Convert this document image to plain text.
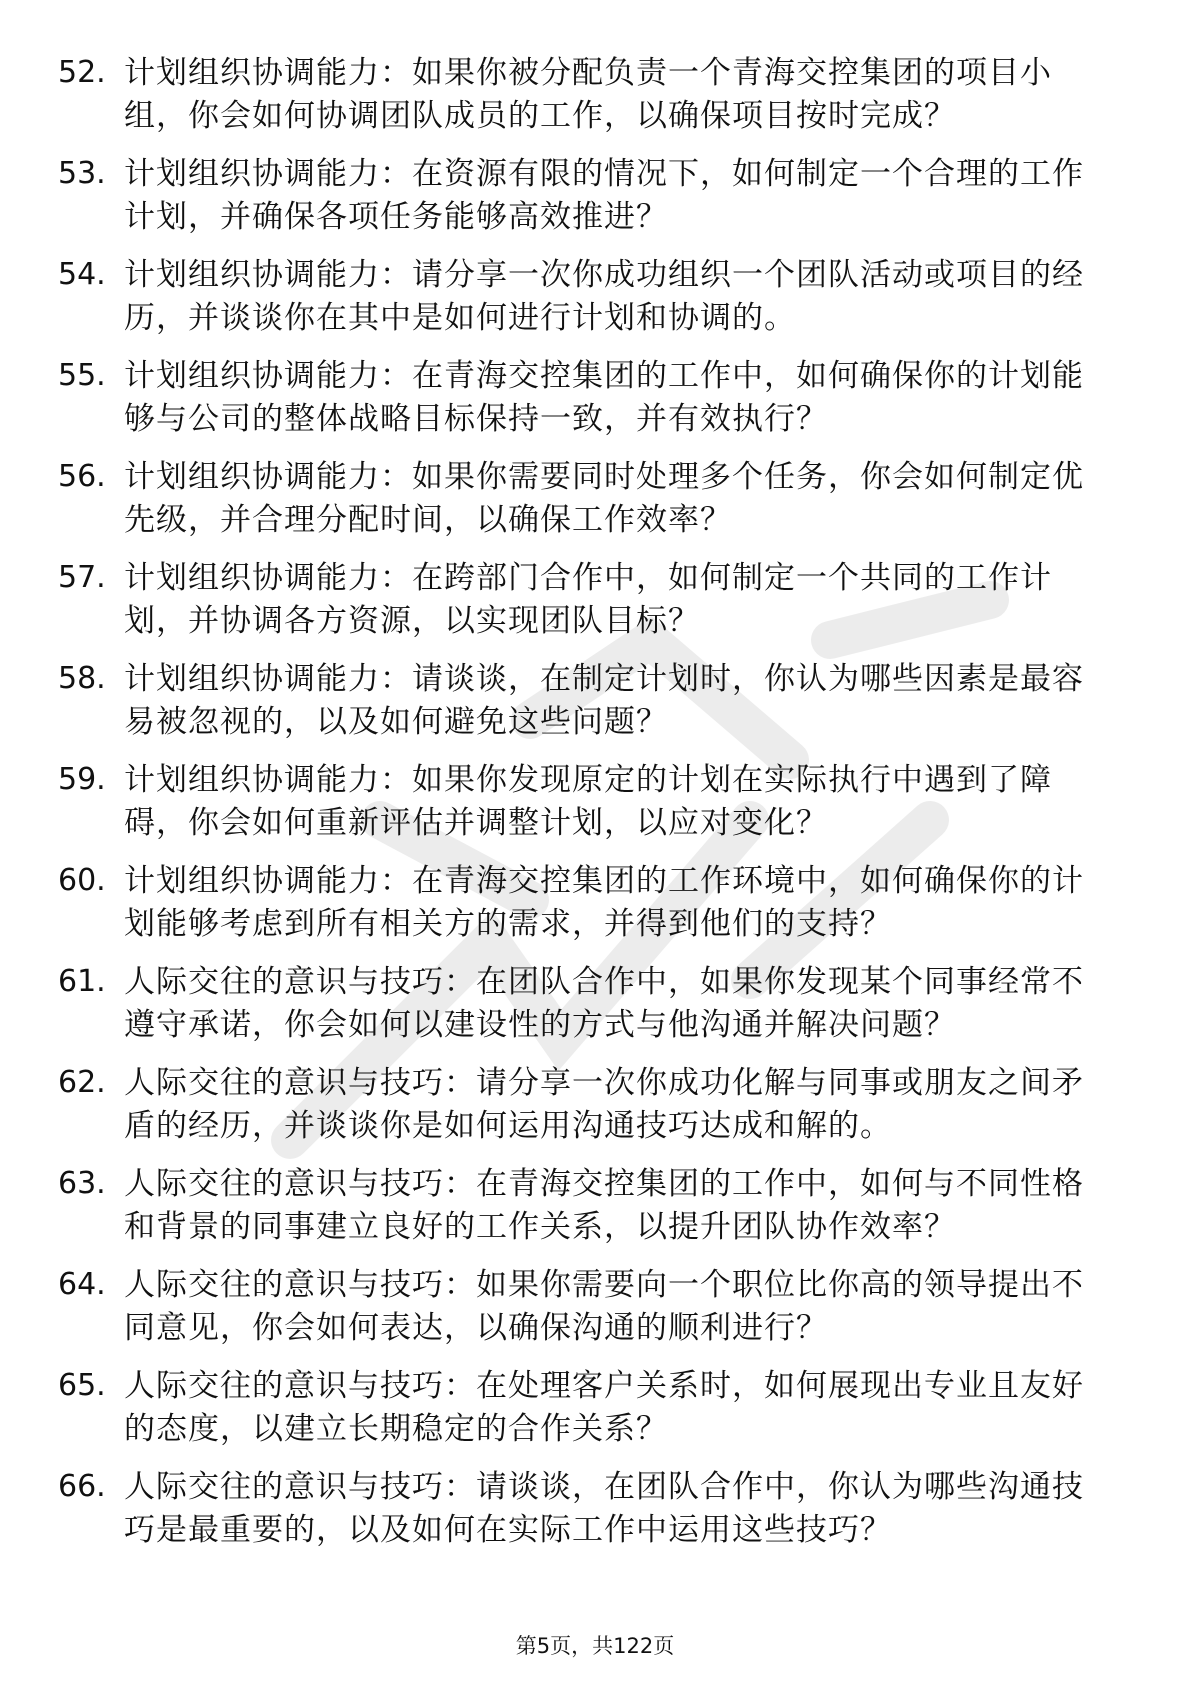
52. 计划组织协调能力：如果你被分配负责一个青海交控集团的项目小组，你会如何协调团队成员的工作，以确保项目按时完成？
53. 计划组织协调能力：在资源有限的情况下，如何制定一个合理的工作计划，并确保各项任务能够高效推进？
54. 计划组织协调能力：请分享一次你成功组织一个团队活动或项目的经历，并谈谈你在其中是如何进行计划和协调的。
55. 计划组织协调能力：在青海交控集团的工作中，如何确保你的计划能够与公司的整体战略目标保持一致，并有效执行？
56. 计划组织协调能力：如果你需要同时处理多个任务，你会如何制定优先级，并合理分配时间，以确保工作效率？
57. 计划组织协调能力：在跨部门合作中，如何制定一个共同的工作计划，并协调各方资源，以实现团队目标？
58. 计划组织协调能力：请谈谈，在制定计划时，你认为哪些因素是最容易被忽视的，以及如何避免这些问题？
59. 计划组织协调能力：如果你发现原定的计划在实际执行中遇到了障碍，你会如何重新评估并调整计划，以应对变化？
60. 计划组织协调能力：在青海交控集团的工作环境中，如何确保你的计划能够考虑到所有相关方的需求，并得到他们的支持？
61. 人际交往的意识与技巧：在团队合作中，如果你发现某个同事经常不遵守承诺，你会如何以建设性的方式与他沟通并解决问题？
62. 人际交往的意识与技巧：请分享一次你成功化解与同事或朋友之间矛盾的经历，并谈谈你是如何运用沟通技巧达成和解的。
63. 人际交往的意识与技巧：在青海交控集团的工作中，如何与不同性格和背景的同事建立良好的工作关系，以提升团队协作效率？
64. 人际交往的意识与技巧：如果你需要向一个职位比你高的领导提出不同意见，你会如何表达，以确保沟通的顺利进行？
65. 人际交往的意识与技巧：在处理客户关系时，如何展现出专业且友好的态度，以建立长期稳定的合作关系？
66. 人际交往的意识与技巧：请谈谈，在团队合作中，你认为哪些沟通技巧是最重要的，以及如何在实际工作中运用这些技巧？
第5页，共122页
